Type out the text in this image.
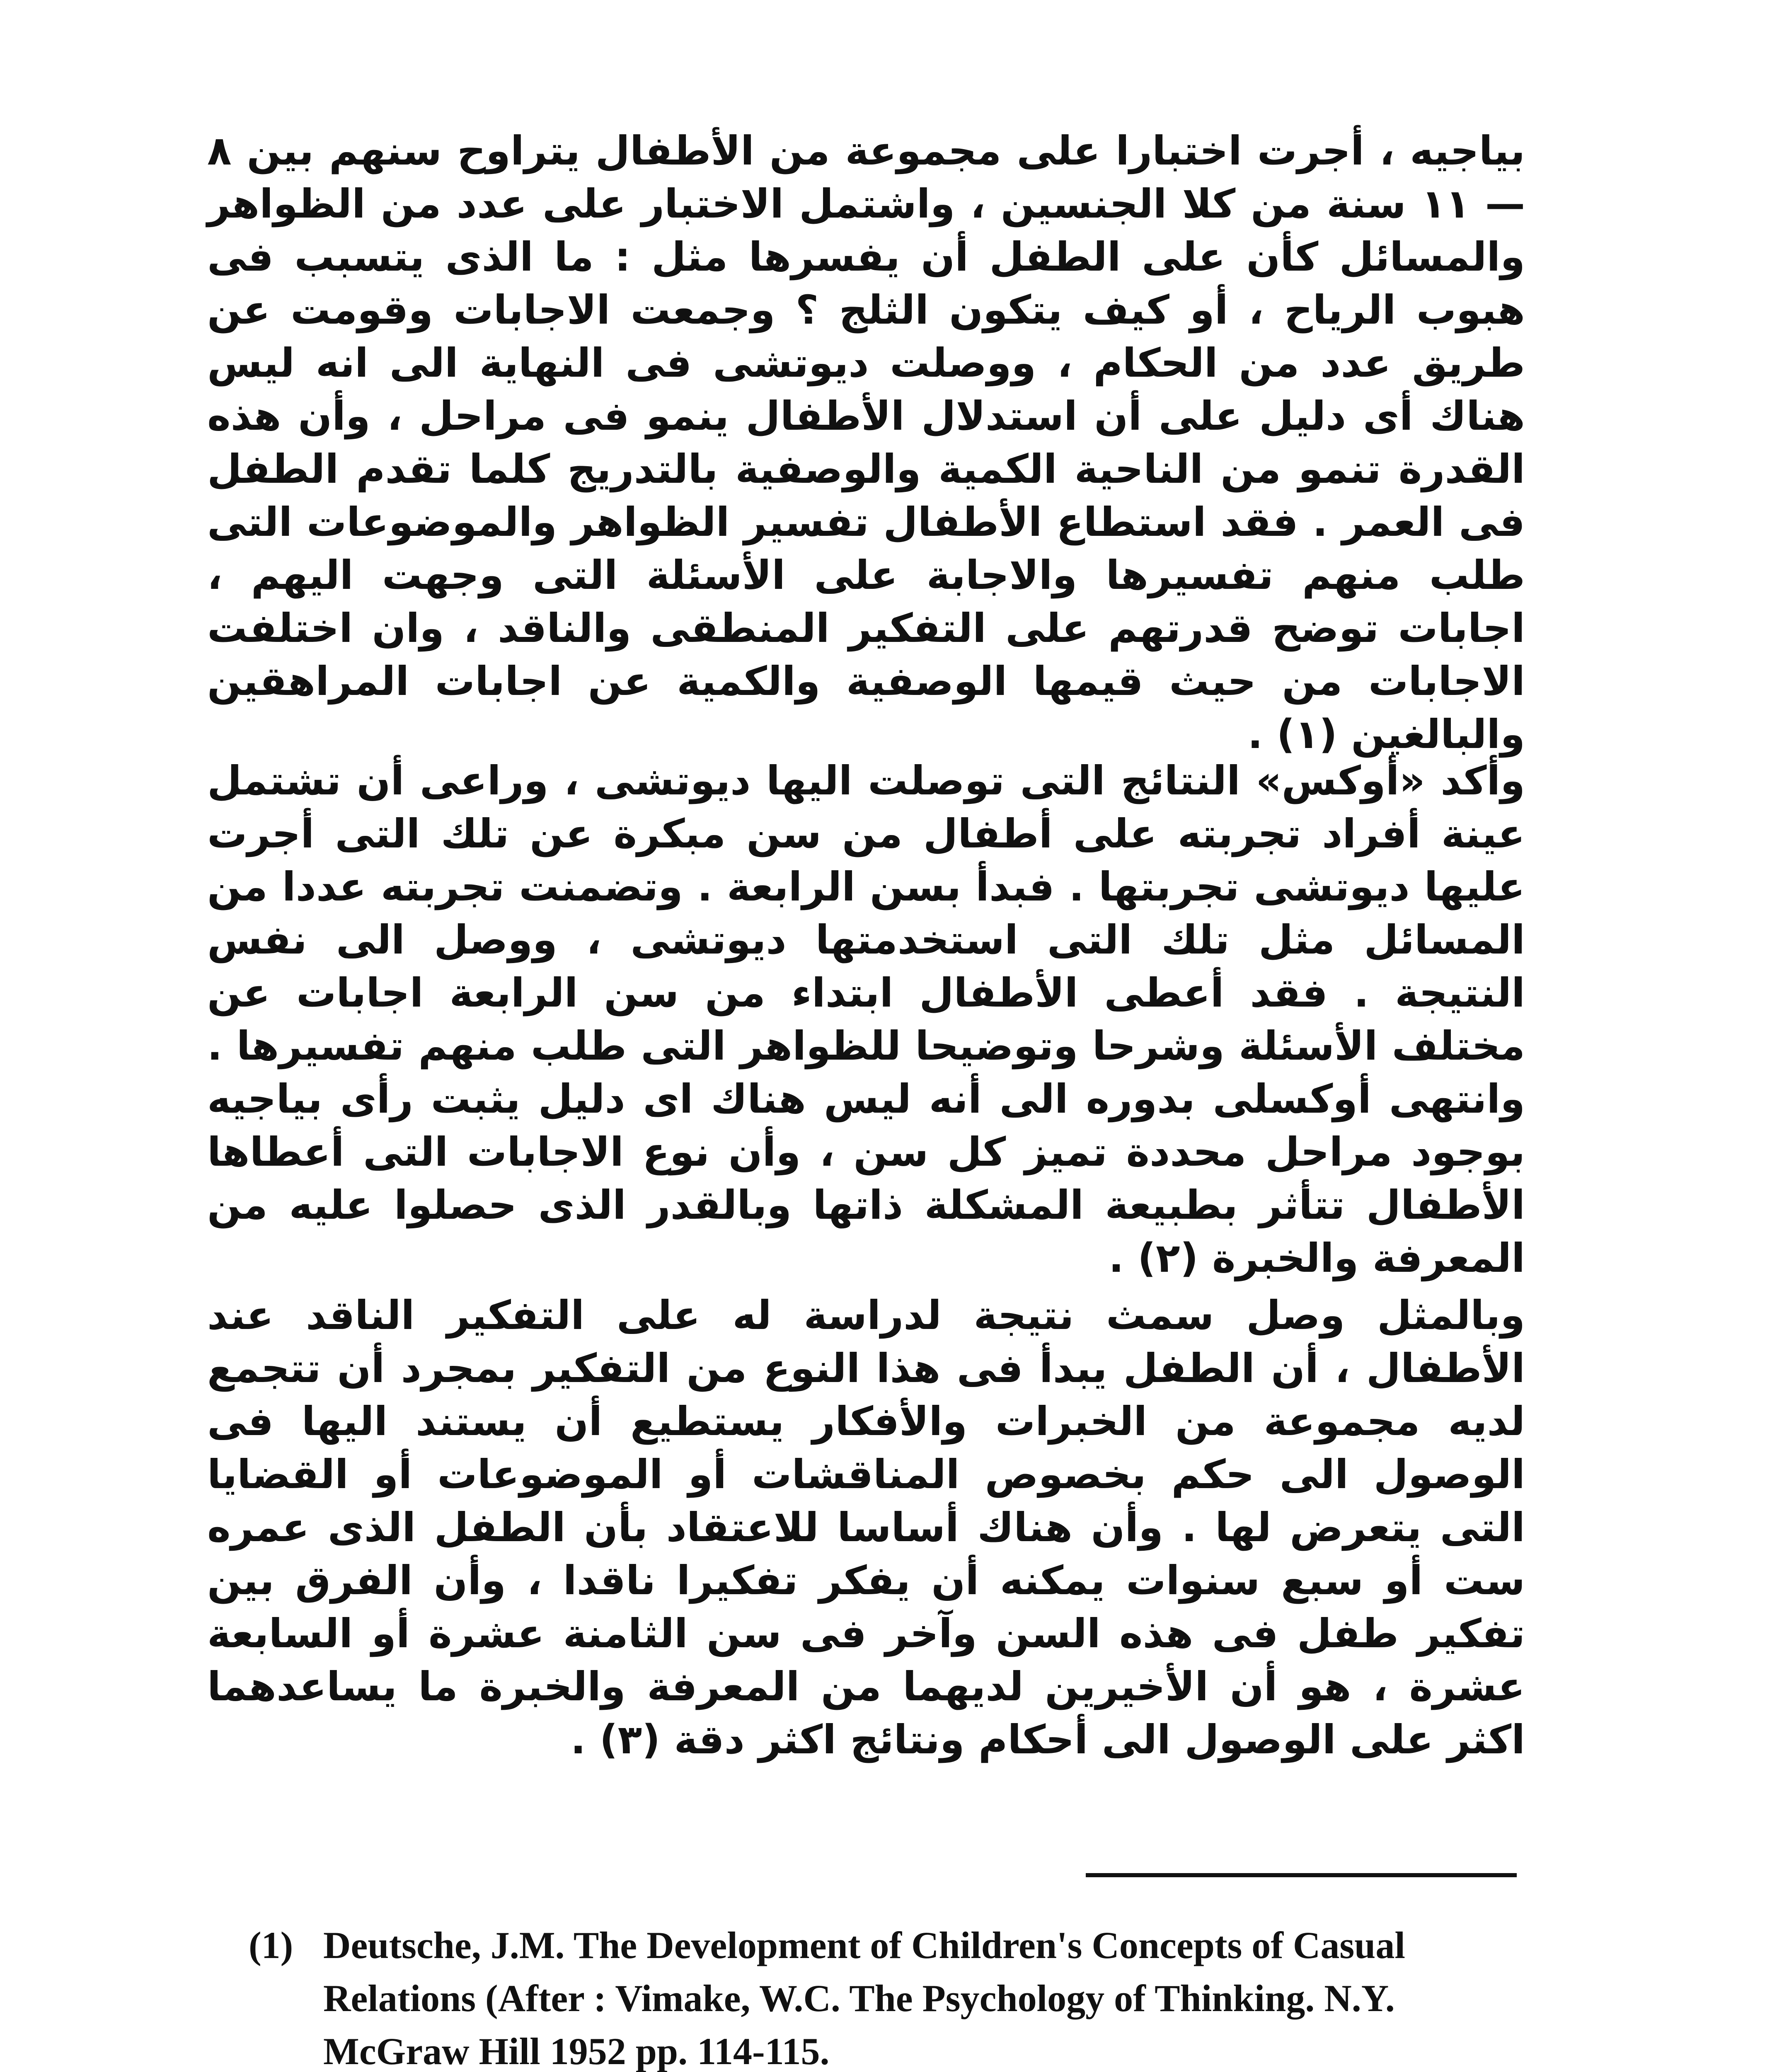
بياجيه ، أجرت اختبارا على مجموعة من الأطفال يتراوح سنهم بين ٨ — ١١ سنة من كلا الجنسين ، واشتمل الاختبار على عدد من الظواهر والمسائل كأن على الطفل أن يفسرها مثل : ما الذى يتسبب فى هبوب الرياح ، أو كيف يتكون الثلج ؟ وجمعت الاجابات وقومت عن طريق عدد من الحكام ، ووصلت ديوتشى فى النهاية الى انه ليس هناك أى دليل على أن استدلال الأطفال ينمو فى مراحل ، وأن هذه القدرة تنمو من الناحية الكمية والوصفية بالتدريج كلما تقدم الطفل فى العمر . فقد استطاع الأطفال تفسير الظواهر والموضوعات التى طلب منهم تفسيرها والاجابة على الأسئلة التى وجهت اليهم ، اجابات توضح قدرتهم على التفكير المنطقى والناقد ، وان اختلفت الاجابات من حيث قيمها الوصفية والكمية عن اجابات المراهقين والبالغين (١) .

وأكد «أوكس» النتائج التى توصلت اليها ديوتشى ، وراعى أن تشتمل عينة أفراد تجربته على أطفال من سن مبكرة عن تلك التى أجرت عليها ديوتشى تجربتها . فبدأ بسن الرابعة . وتضمنت تجربته عددا من المسائل مثل تلك التى استخدمتها ديوتشى ، ووصل الى نفس النتيجة . فقد أعطى الأطفال ابتداء من سن الرابعة اجابات عن مختلف الأسئلة وشرحا وتوضيحا للظواهر التى طلب منهم تفسيرها . وانتهى أوكسلى بدوره الى أنه ليس هناك اى دليل يثبت رأى بياجيه بوجود مراحل محددة تميز كل سن ، وأن نوع الاجابات التى أعطاها الأطفال تتأثر بطبيعة المشكلة ذاتها وبالقدر الذى حصلوا عليه من المعرفة والخبرة (٢) .

وبالمثل وصل سمث نتيجة لدراسة له على التفكير الناقد عند الأطفال ، أن الطفل يبدأ فى هذا النوع من التفكير بمجرد أن تتجمع لديه مجموعة من الخبرات والأفكار يستطيع أن يستند اليها فى الوصول الى حكم بخصوص المناقشات أو الموضوعات أو القضايا التى يتعرض لها . وأن هناك أساسا للاعتقاد بأن الطفل الذى عمره ست أو سبع سنوات يمكنه أن يفكر تفكيرا ناقدا ، وأن الفرق بين تفكير طفل فى هذه السن وآخر فى سن الثامنة عشرة أو السابعة عشرة ، هو أن الأخيرين لديهما من المعرفة والخبرة ما يساعدهما اكثر على الوصول الى أحكام ونتائج اكثر دقة (٣) .

(1) Deutsche, J.M. The Development of Children's Concepts of Casual Relations (After : Vimake, W.C. The Psychology of Thinking. N.Y. McGraw Hill 1952 pp. 114-115.
